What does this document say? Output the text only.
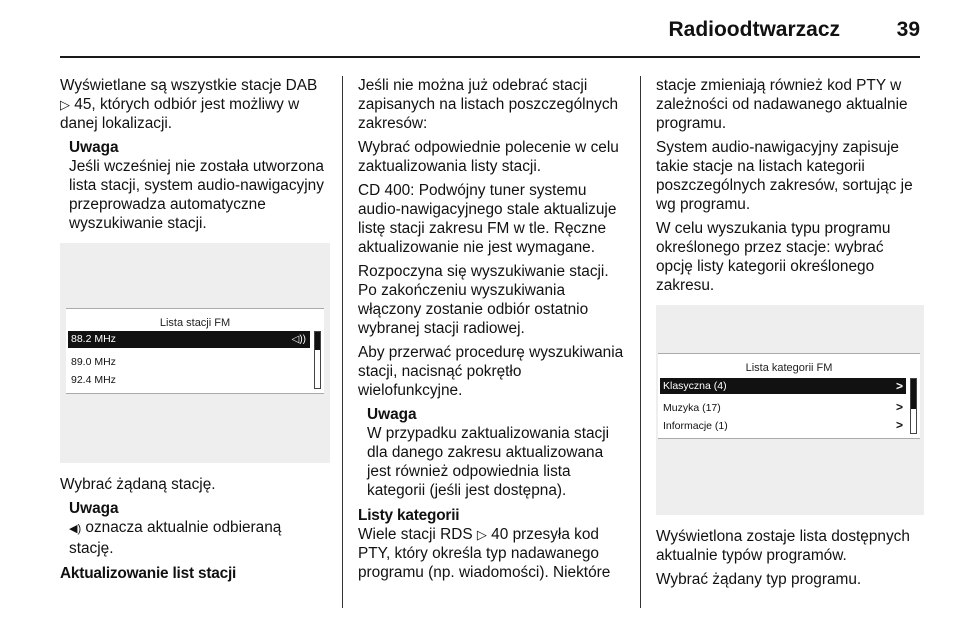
Radioodtwarzacz	39

Wyświetlane są wszystkie stacje DAB
▷ 45, których odbiór jest możliwy w danej lokalizacji.

Uwaga
Jeśli wcześniej nie została utworzona lista stacji, system audio-nawigacyjny przeprowadza automatyczne wyszukiwanie stacji.
Lista stacji FM
88.2 MHz	◁))
89.0 MHz
92.4 MHz

Wybrać żądaną stację.

Uwaga
◀) oznacza aktualnie odbieraną stację.
Aktualizowanie list stacji

Jeśli nie można już odebrać stacji zapisanych na listach poszczególnych zakresów:

Wybrać odpowiednie polecenie w celu zaktualizowania listy stacji.

CD 400: Podwójny tuner systemu audio-nawigacyjnego stale aktualizuje listę stacji zakresu FM w tle. Ręczne aktualizowanie nie jest wymagane.

Rozpoczyna się wyszukiwanie stacji. Po zakończeniu wyszukiwania włączony zostanie odbiór ostatnio wybranej stacji radiowej.

Aby przerwać procedurę wyszukiwania stacji, nacisnąć pokrętło wielofunkcyjne.

Uwaga
W przypadku zaktualizowania stacji dla danego zakresu aktualizowana jest również odpowiednia lista kategorii (jeśli jest dostępna).
Listy kategorii

Wiele stacji RDS ▷ 40 przesyła kod PTY, który określa typ nadawanego programu (np. wiadomości). Niektóre

stacje zmieniają również kod PTY w zależności od nadawanego aktualnie programu.

System audio-nawigacyjny zapisuje takie stacje na listach kategorii poszczególnych zakresów, sortując je wg programu.

W celu wyszukania typu programu określonego przez stacje: wybrać opcję listy kategorii określonego zakresu.

Lista kategorii FM
Klasyczna (4)	>
Muzyka (17)	>
Informacje (1)	>

Wyświetlona zostaje lista dostępnych aktualnie typów programów.

Wybrać żądany typ programu.
